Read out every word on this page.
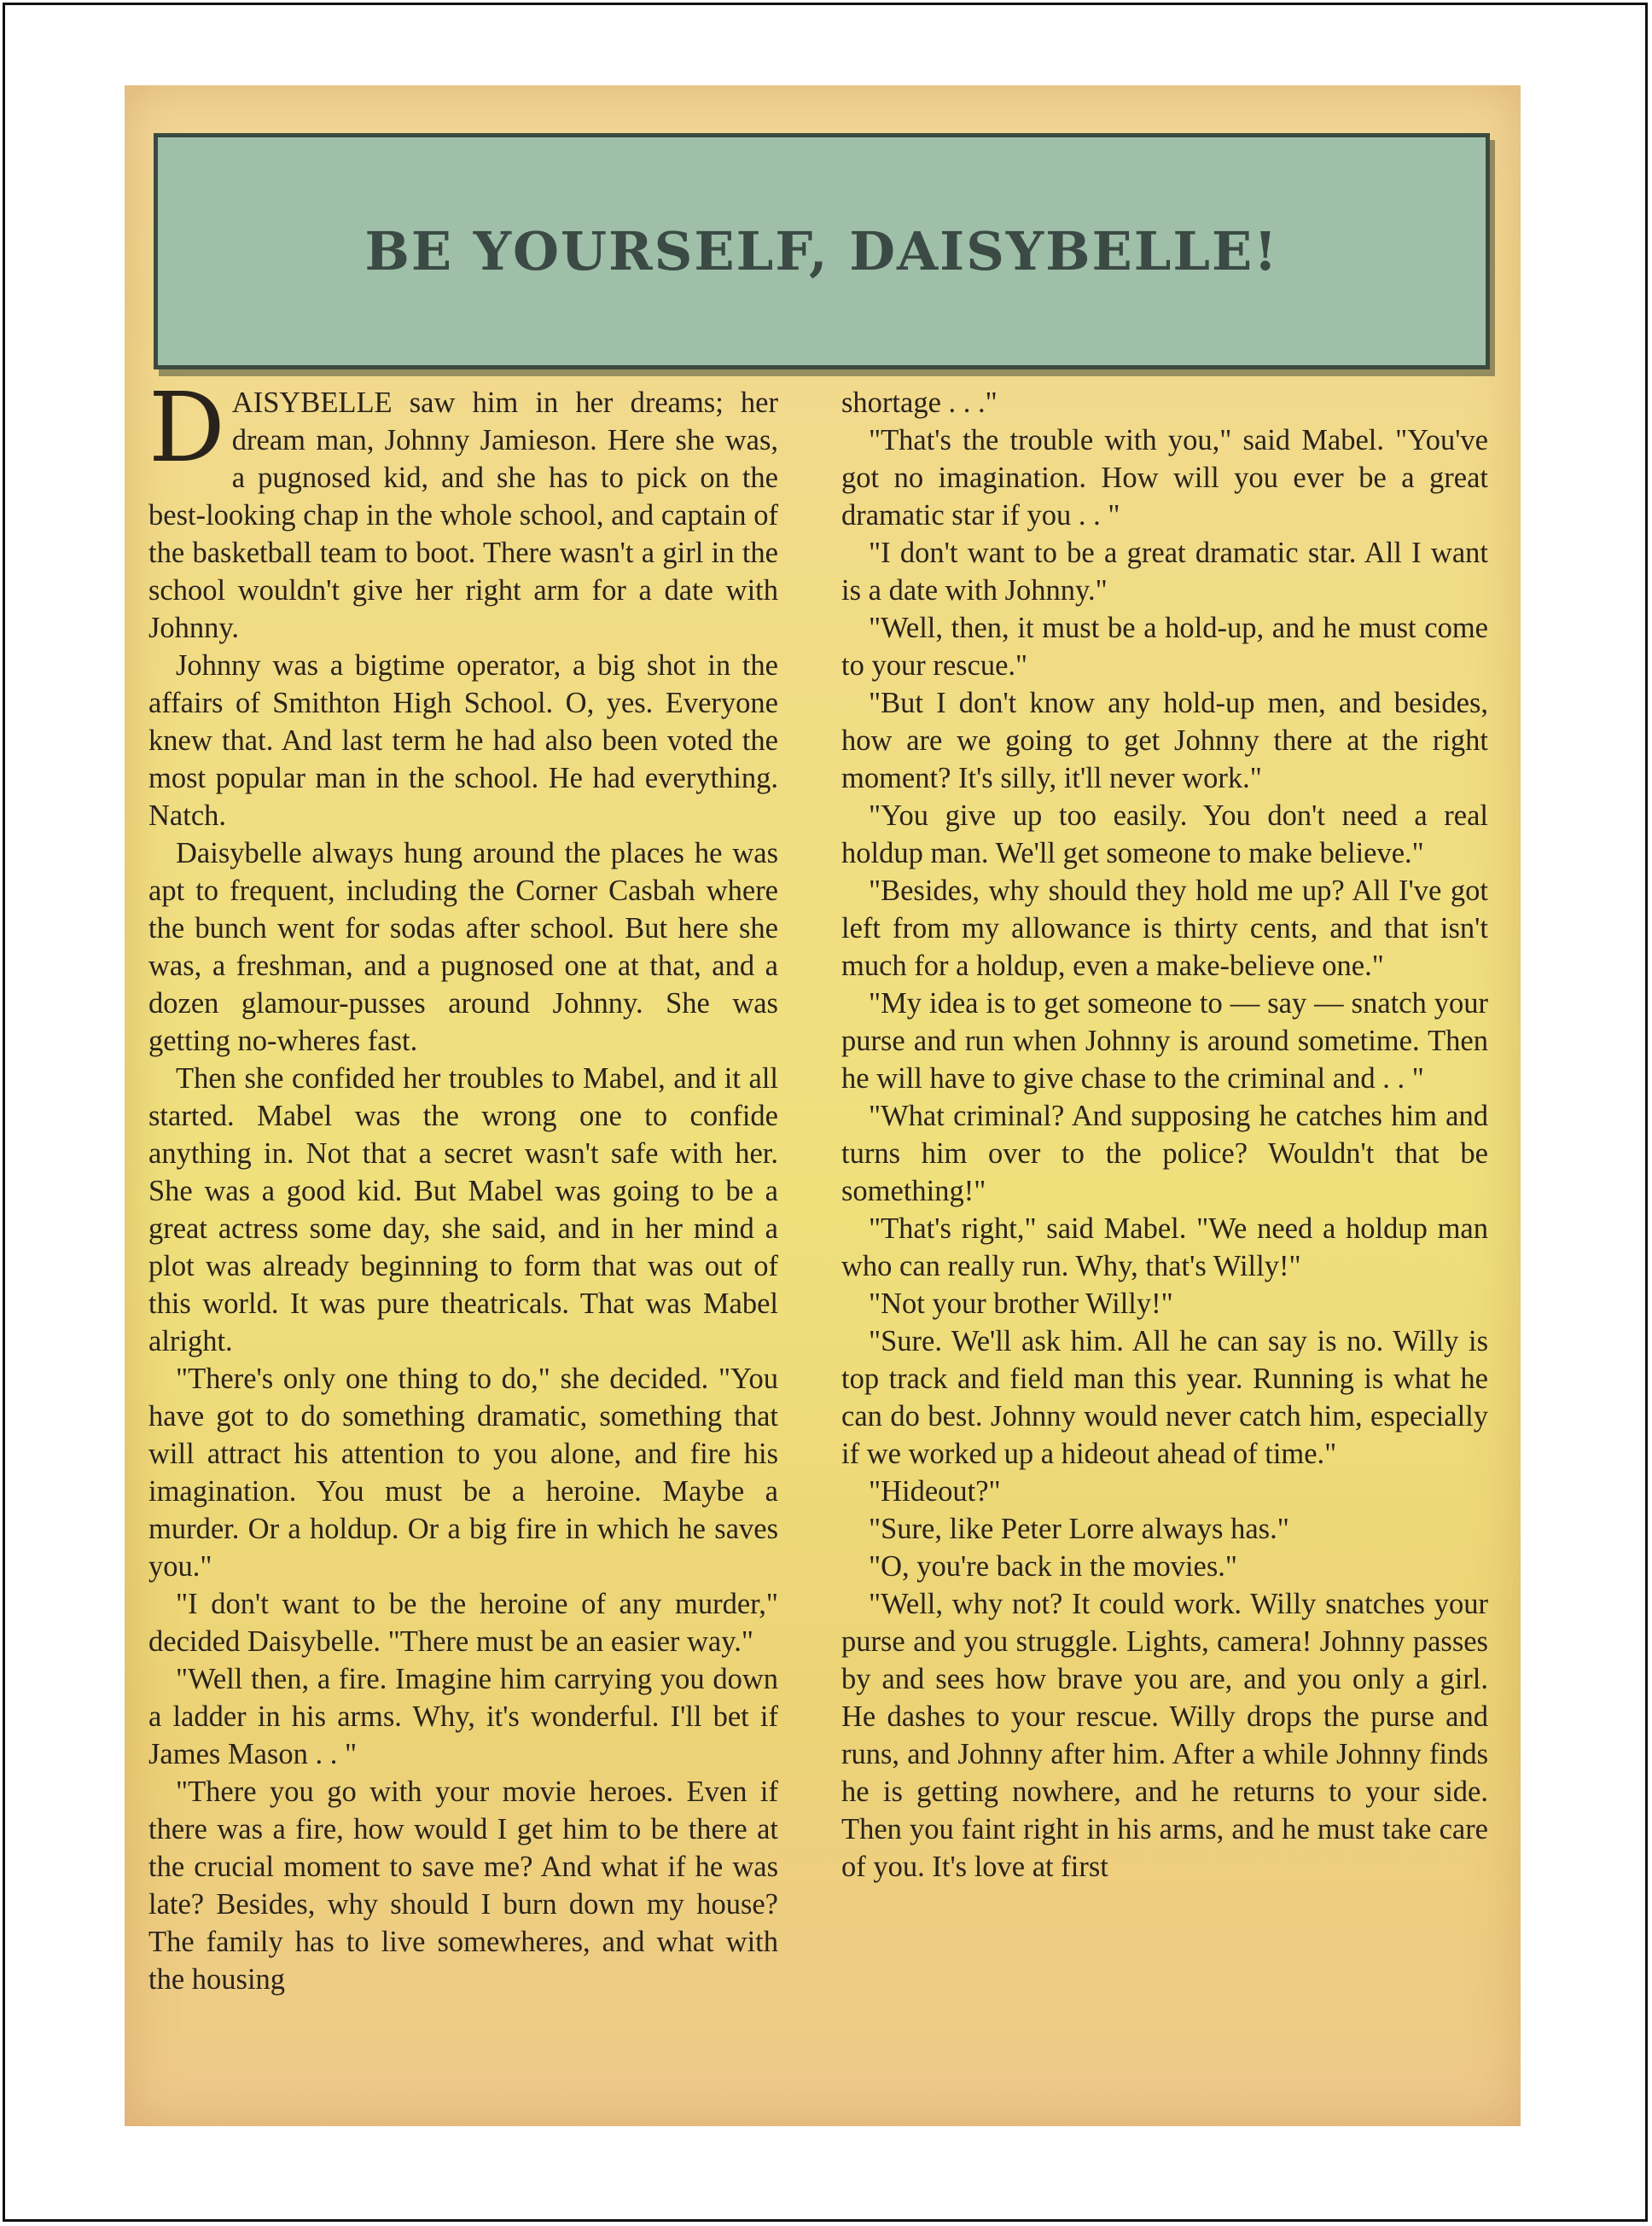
BE YOURSELF, DAISYBELLE!

DAISYBELLE saw him in her dreams; her dream man, Johnny Jamieson. Here she was, a pugnosed kid, and she has to pick on the best-looking chap in the whole school, and captain of the basketball team to boot. There wasn't a girl in the school wouldn't give her right arm for a date with Johnny.

Johnny was a bigtime operator, a big shot in the affairs of Smithton High School. O, yes. Everyone knew that. And last term he had also been voted the most popular man in the school. He had everything. Natch.

Daisybelle always hung around the places he was apt to frequent, including the Corner Casbah where the bunch went for sodas after school. But here she was, a freshman, and a pugnosed one at that, and a dozen glamour-pusses around Johnny. She was getting no-wheres fast.

Then she confided her troubles to Mabel, and it all started. Mabel was the wrong one to confide anything in. Not that a secret wasn't safe with her. She was a good kid. But Mabel was going to be a great actress some day, she said, and in her mind a plot was already beginning to form that was out of this world. It was pure theatricals. That was Mabel alright.

"There's only one thing to do," she decided. "You have got to do something dramatic, something that will attract his attention to you alone, and fire his imagination. You must be a heroine. Maybe a murder. Or a holdup. Or a big fire in which he saves you."

"I don't want to be the heroine of any murder," decided Daisybelle. "There must be an easier way."

"Well then, a fire. Imagine him carrying you down a ladder in his arms. Why, it's wonderful. I'll bet if James Mason . . "

"There you go with your movie heroes. Even if there was a fire, how would I get him to be there at the crucial moment to save me? And what if he was late? Besides, why should I burn down my house? The family has to live somewheres, and what with the housing

shortage . . ."

"That's the trouble with you," said Mabel. "You've got no imagination. How will you ever be a great dramatic star if you . . "

"I don't want to be a great dramatic star. All I want is a date with Johnny."

"Well, then, it must be a hold-up, and he must come to your rescue."

"But I don't know any hold-up men, and besides, how are we going to get Johnny there at the right moment? It's silly, it'll never work."

"You give up too easily. You don't need a real holdup man. We'll get someone to make believe."

"Besides, why should they hold me up? All I've got left from my allowance is thirty cents, and that isn't much for a holdup, even a make-believe one."

"My idea is to get someone to — say — snatch your purse and run when Johnny is around sometime. Then he will have to give chase to the criminal and . . "

"What criminal? And supposing he catches him and turns him over to the police? Wouldn't that be something!"

"That's right," said Mabel. "We need a holdup man who can really run. Why, that's Willy!"

"Not your brother Willy!"

"Sure. We'll ask him. All he can say is no. Willy is top track and field man this year. Running is what he can do best. Johnny would never catch him, especially if we worked up a hideout ahead of time."

"Hideout?"

"Sure, like Peter Lorre always has."

"O, you're back in the movies."

"Well, why not? It could work. Willy snatches your purse and you struggle. Lights, camera! Johnny passes by and sees how brave you are, and you only a girl. He dashes to your rescue. Willy drops the purse and runs, and Johnny after him. After a while Johnny finds he is getting nowhere, and he returns to your side. Then you faint right in his arms, and he must take care of you. It's love at first
